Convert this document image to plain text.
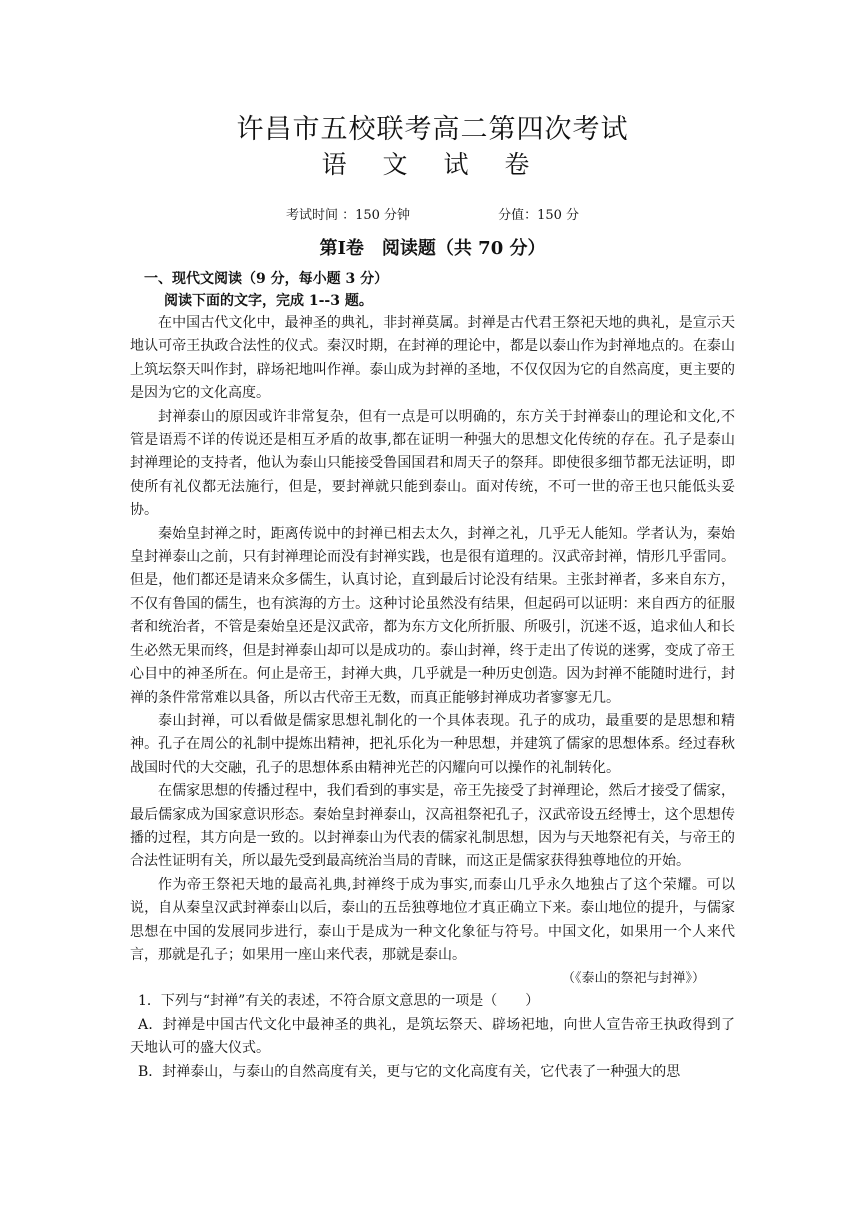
许昌市五校联考高二第四次考试
语 文 试 卷
考试时间 ：150 分钟	分值：150 分
第Ⅰ卷　阅读题（共 70 分）
一、现代文阅读（9 分，每小题 3 分）
阅读下面的文字，完成 1--3 题。

在中国古代文化中，最神圣的典礼，非封禅莫属。封禅是古代君王祭祀天地的典礼，是宣示天地认可帝王执政合法性的仪式。秦汉时期，在封禅的理论中，都是以泰山作为封禅地点的。在泰山上筑坛祭天叫作封，辟场祀地叫作禅。泰山成为封禅的圣地，不仅仅因为它的自然高度，更主要的是因为它的文化高度。

封禅泰山的原因或许非常复杂，但有一点是可以明确的，东方关于封禅泰山的理论和文化,不管是语焉不详的传说还是相互矛盾的故事,都在证明一种强大的思想文化传统的存在。孔子是泰山封禅理论的支持者，他认为泰山只能接受鲁国国君和周天子的祭拜。即使很多细节都无法证明，即使所有礼仪都无法施行，但是，要封禅就只能到泰山。面对传统，不可一世的帝王也只能低头妥协。

秦始皇封禅之时，距离传说中的封禅已相去太久，封禅之礼，几乎无人能知。学者认为，秦始皇封禅泰山之前，只有封禅理论而没有封禅实践，也是很有道理的。汉武帝封禅，情形几乎雷同。但是，他们都还是请来众多儒生，认真讨论，直到最后讨论没有结果。主张封禅者，多来自东方，不仅有鲁国的儒生，也有滨海的方士。这种讨论虽然没有结果，但起码可以证明：来自西方的征服者和统治者，不管是秦始皇还是汉武帝，都为东方文化所折服、所吸引，沉迷不返，追求仙人和长生必然无果而终，但是封禅泰山却可以是成功的。泰山封禅，终于走出了传说的迷雾，变成了帝王心目中的神圣所在。何止是帝王，封禅大典，几乎就是一种历史创造。因为封禅不能随时进行，封禅的条件常常难以具备，所以古代帝王无数，而真正能够封禅成功者寥寥无几。

泰山封禅，可以看做是儒家思想礼制化的一个具体表现。孔子的成功，最重要的是思想和精神。孔子在周公的礼制中提炼出精神，把礼乐化为一种思想，并建筑了儒家的思想体系。经过春秋战国时代的大交融，孔子的思想体系由精神光芒的闪耀向可以操作的礼制转化。

在儒家思想的传播过程中，我们看到的事实是，帝王先接受了封禅理论，然后才接受了儒家，最后儒家成为国家意识形态。秦始皇封禅泰山，汉高祖祭祀孔子，汉武帝设五经博士，这个思想传播的过程，其方向是一致的。以封禅泰山为代表的儒家礼制思想，因为与天地祭祀有关，与帝王的合法性证明有关，所以最先受到最高统治当局的青睐，而这正是儒家获得独尊地位的开始。

作为帝王祭祀天地的最高礼典,封禅终于成为事实,而泰山几乎永久地独占了这个荣耀。可以说，自从秦皇汉武封禅泰山以后，泰山的五岳独尊地位才真正确立下来。泰山地位的提升，与儒家思想在中国的发展同步进行，泰山于是成为一种文化象征与符号。中国文化，如果用一个人来代言，那就是孔子；如果用一座山来代表，那就是泰山。

（《泰山的祭祀与封禅》）
1．下列与“封禅”有关的表述，不符合原文意思的一项是（　　）

A．封禅是中国古代文化中最神圣的典礼，是筑坛祭天、辟场祀地，向世人宣告帝王执政得到了天地认可的盛大仪式。

B．封禅泰山，与泰山的自然高度有关，更与它的文化高度有关，它代表了一种强大的思
